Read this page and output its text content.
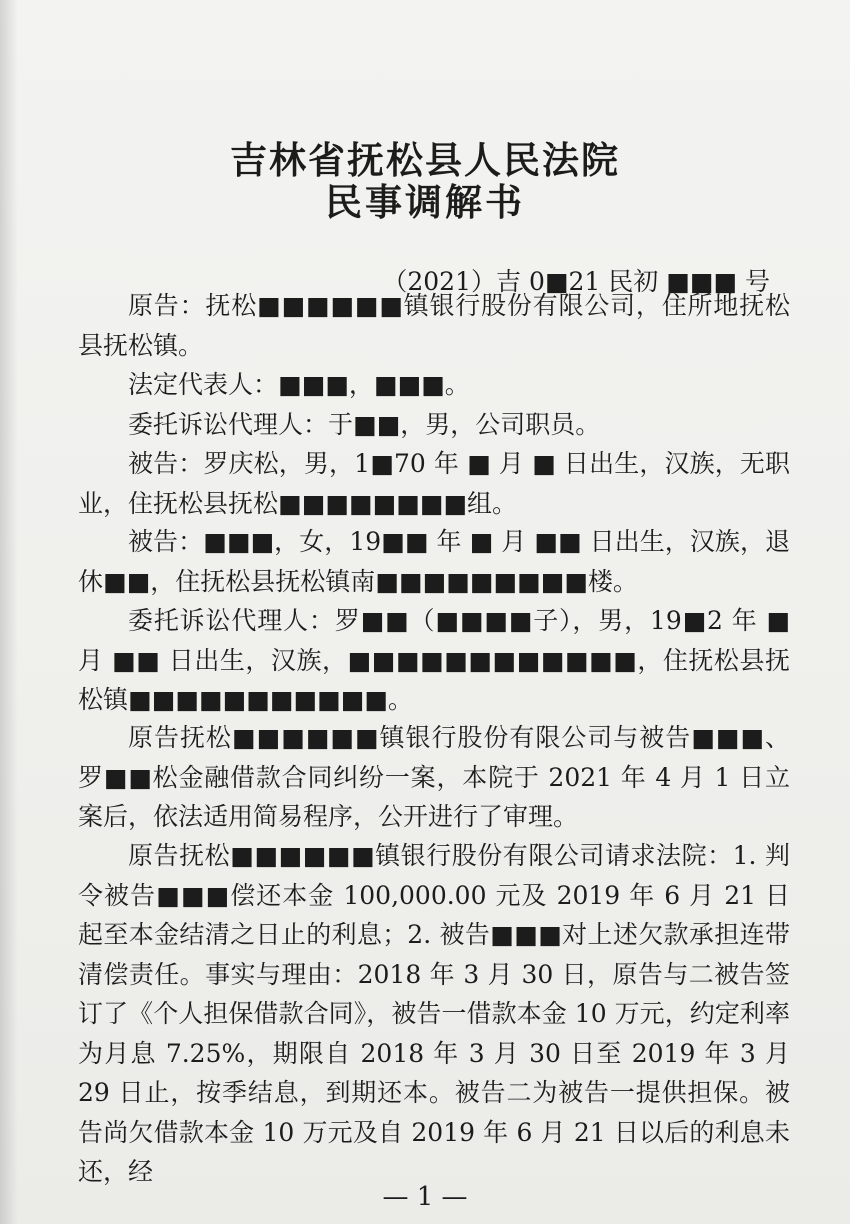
吉林省抚松县人民法院
民事调解书
（2021）吉 0■21 民初 ■■■ 号

原告：抚松■■■■■■镇银行股份有限公司，住所地抚松县抚松镇。

法定代表人：■■■，■■■。

委托诉讼代理人：于■■，男，公司职员。

被告：罗庆松，男，1■70 年 ■ 月 ■ 日出生，汉族，无职业，住抚松县抚松■■■■■■■■组。

被告：■■■，女，19■■ 年 ■ 月 ■■ 日出生，汉族，退休■■，住抚松县抚松镇南■■■■■■■■■楼。

委托诉讼代理人：罗■■（■■■■子），男，19■2 年 ■ 月 ■■ 日出生，汉族，■■■■■■■■■■■■，住抚松县抚松镇■■■■■■■■■■■。

原告抚松■■■■■■镇银行股份有限公司与被告■■■、罗■■松金融借款合同纠纷一案，本院于 2021 年 4 月 1 日立案后，依法适用简易程序，公开进行了审理。

原告抚松■■■■■■镇银行股份有限公司请求法院：1. 判令被告■■■偿还本金 100,000.00 元及 2019 年 6 月 21 日起至本金结清之日止的利息；2. 被告■■■对上述欠款承担连带清偿责任。事实与理由：2018 年 3 月 30 日，原告与二被告签订了《个人担保借款合同》，被告一借款本金 10 万元，约定利率为月息 7.25%，期限自 2018 年 3 月 30 日至 2019 年 3 月 29 日止，按季结息，到期还本。被告二为被告一提供担保。被告尚欠借款本金 10 万元及自 2019 年 6 月 21 日以后的利息未还，经

— 1 —
